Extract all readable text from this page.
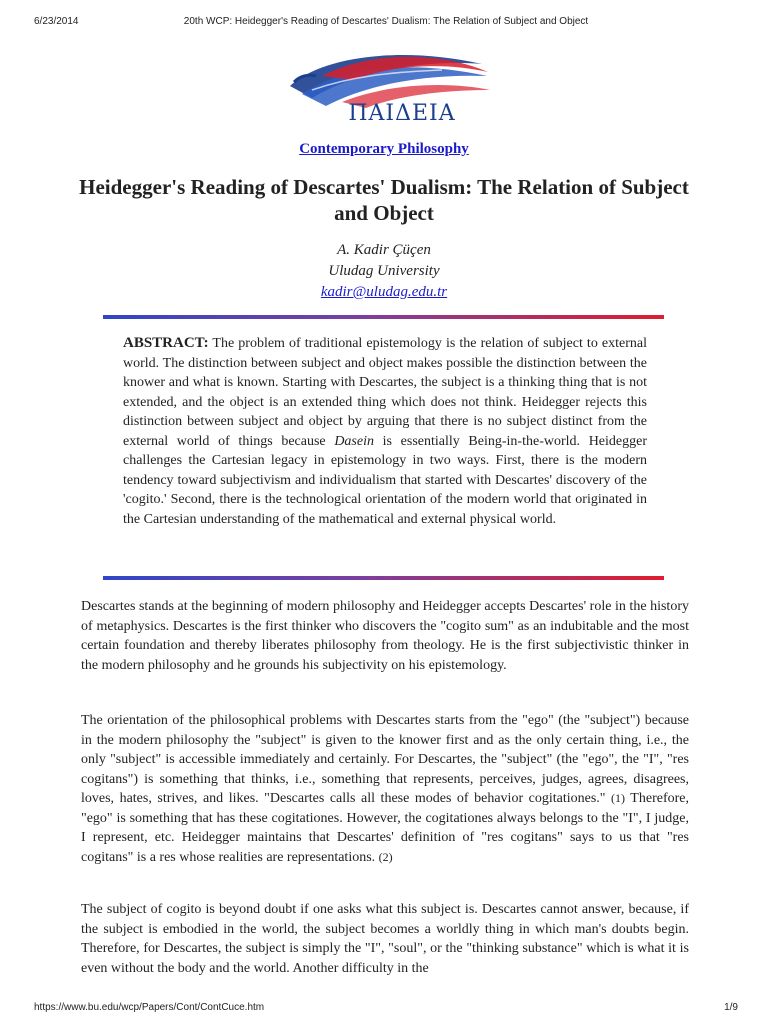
6/23/2014	20th WCP: Heidegger's Reading of Descartes' Dualism: The Relation of Subject and Object
ΠΑΙΔΕΙΑ
Contemporary Philosophy
Heidegger's Reading of Descartes' Dualism: The Relation of Subject and Object
A. Kadir Çüçen
Uludag University
kadir@uludag.edu.tr
ABSTRACT: The problem of traditional epistemology is the relation of subject to external world. The distinction between subject and object makes possible the distinction between the knower and what is known. Starting with Descartes, the subject is a thinking thing that is not extended, and the object is an extended thing which does not think. Heidegger rejects this distinction between subject and object by arguing that there is no subject distinct from the external world of things because Dasein is essentially Being-in-the-world. Heidegger challenges the Cartesian legacy in epistemology in two ways. First, there is the modern tendency toward subjectivism and individualism that started with Descartes' discovery of the 'cogito.' Second, there is the technological orientation of the modern world that originated in the Cartesian understanding of the mathematical and external physical world.

Descartes stands at the beginning of modern philosophy and Heidegger accepts Descartes' role in the history of metaphysics. Descartes is the first thinker who discovers the "cogito sum" as an indubitable and the most certain foundation and thereby liberates philosophy from theology. He is the first subjectivistic thinker in the modern philosophy and he grounds his subjectivity on his epistemology.

The orientation of the philosophical problems with Descartes starts from the "ego" (the "subject") because in the modern philosophy the "subject" is given to the knower first and as the only certain thing, i.e., the only "subject" is accessible immediately and certainly. For Descartes, the "subject" (the "ego", the "I", "res cogitans") is something that thinks, i.e., something that represents, perceives, judges, agrees, disagrees, loves, hates, strives, and likes. "Descartes calls all these modes of behavior cogitationes." (1) Therefore, "ego" is something that has these cogitationes. However, the cogitationes always belongs to the "I", I judge, I represent, etc. Heidegger maintains that Descartes' definition of "res cogitans" says to us that "res cogitans" is a res whose realities are representations. (2)

The subject of cogito is beyond doubt if one asks what this subject is. Descartes cannot answer, because, if the subject is embodied in the world, the subject becomes a worldly thing in which man's doubts begin. Therefore, for Descartes, the subject is simply the "I", "soul", or the "thinking substance" which is what it is even without the body and the world. Another difficulty in the

https://www.bu.edu/wcp/Papers/Cont/ContCuce.htm	1/9
